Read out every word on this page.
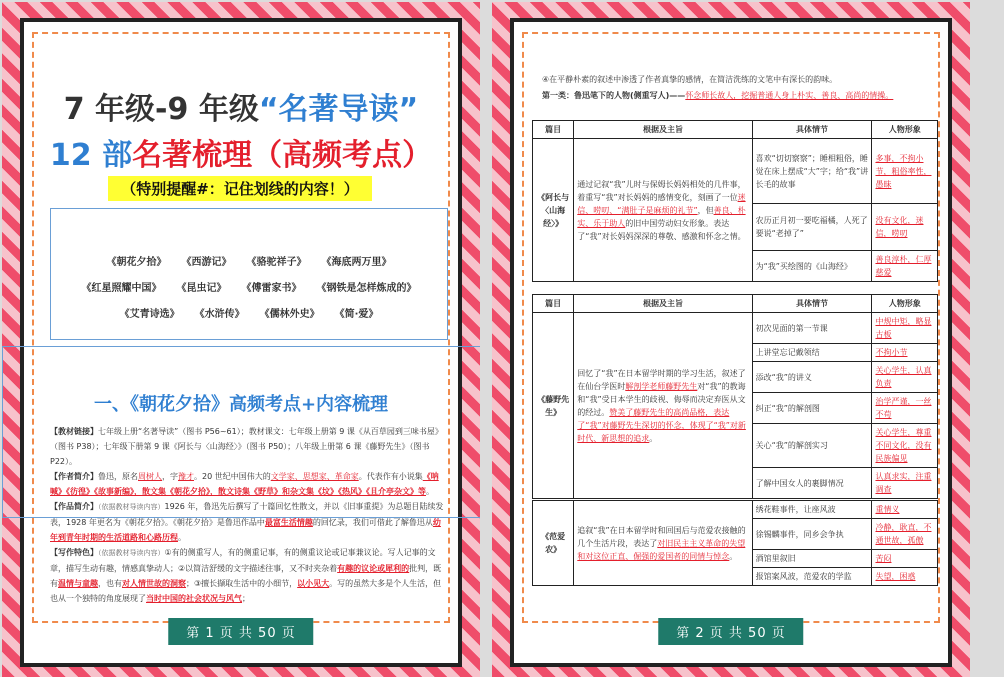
7 年级-9 年级“名著导读”
12 部名著梳理（高频考点）
（特别提醒#：记住划线的内容！）
《朝花夕拾》 《西游记》 《骆驼祥子》 《海底两万里》
《红星照耀中国》 《昆虫记》 《傅雷家书》 《钢铁是怎样炼成的》
《艾青诗选》 《水浒传》 《儒林外史》 《简·爱》
一、《朝花夕拾》高频考点+内容梳理

【教材链接】七年级上册“名著导读”（图书 P56~61）；教材课文：七年级上册第 9 课《从百草园到三味书屋》（图书 P38）；七年级下册第 9 课《阿长与〈山海经〉》（图书 P50）；八年级上册第 6 课《藤野先生》（图书 P22）。

【作者简介】鲁迅，原名周树人，字豫才。20 世纪中国伟大的文学家、思想家、革命家。代表作有小说集《呐喊》《彷徨》《故事新编》，散文集《朝花夕拾》，散文诗集《野草》和杂文集《坟》《热风》《且介亭杂文》等。

【作品简介】（依据教材导读内容）1926 年，鲁迅先后撰写了十篇回忆性散文，并以《旧事重提》为总题目陆续发表，1928 年更名为《朝花夕拾》。《朝花夕拾》是鲁迅作品中最富生活情趣的回忆录，我们可借此了解鲁迅从幼年到青年时期的生活道路和心路历程。

【写作特色】（依据教材导读内容）①有的侧重写人，有的侧重记事，有的侧重议论或记事兼议论。写人记事的文章，描写生动有趣，情感真挚动人；②以简洁舒缓的文字描述往事，又不时夹杂着有趣的议论或犀利的批判，既有温情与童趣，也有对人情世故的洞察；③擅长撷取生活中的小细节，以小见大。写的虽然大多是个人生活，但也从一个独特的角度展现了当时中国的社会状况与风气；

第 1 页 共 50 页

④在平静朴素的叙述中渗透了作者真挚的感情，在简洁洗练的文笔中有深长的韵味。

第一类：鲁迅笔下的人物(侧重写人)——怀念师长故人，挖掘普通人身上朴实、善良、高尚的情操。

篇目	根据及主旨	具体情节	人物形象
《阿长与〈山海经〉》	通过记叙“我”儿时与保姆长妈妈相处的几件事，着重写“我”对长妈妈的感情变化，刻画了一位迷信、唠叨、“满肚子是麻烦的礼节”，但善良、朴实、乐于助人的旧中国劳动妇女形象。表达了“我”对长妈妈深深的尊敬、感激和怀念之情。	喜欢“切切察察”；睡相粗俗，睡觉在床上摆成“大”字；给“我”讲长毛的故事	多事，不拘小节，粗俗率性，愚昧
		农历正月初一要吃福橘，人死了要说“老掉了”	没有文化，迷信，唠叨
		为“我”买绘图的《山海经》	善良淳朴，仁厚慈爱
篇目	根据及主旨	具体情节	人物形象
《藤野先生》	回忆了“我”在日本留学时期的学习生活，叙述了在仙台学医时解剖学老师藤野先生对“我”的教诲和“我”受日本学生的歧视、侮辱而决定弃医从文的经过。赞美了藤野先生的高尚品格，表达了“我”对藤野先生深切的怀念，体现了“我”对新时代、新思想的追求。	初次见面的第一节课	中规中矩，略显古板
		上讲堂忘记戴领结	不拘小节
		添改“我”的讲义	关心学生，认真负责
		纠正“我”的解剖图	治学严谨，一丝不苟
		关心“我”的解剖实习	关心学生，尊重不同文化，没有民族偏见
		了解中国女人的裹脚情况	认真求实，注重调查
《范爱农》	追叙“我”在日本留学时和回国后与范爱农接触的几个生活片段，表达了对旧民主主义革命的失望和对这位正直、倔强的爱国者的同情与悼念。	绣花鞋事件，让座风波	重情义
		徐锡麟事件，同乡会争执	冷静，耿直，不通世故，孤傲
		酒馆里叙旧	苦闷
		报馆案风波，范爱农的学监	失望，困惑
第 2 页 共 50 页
